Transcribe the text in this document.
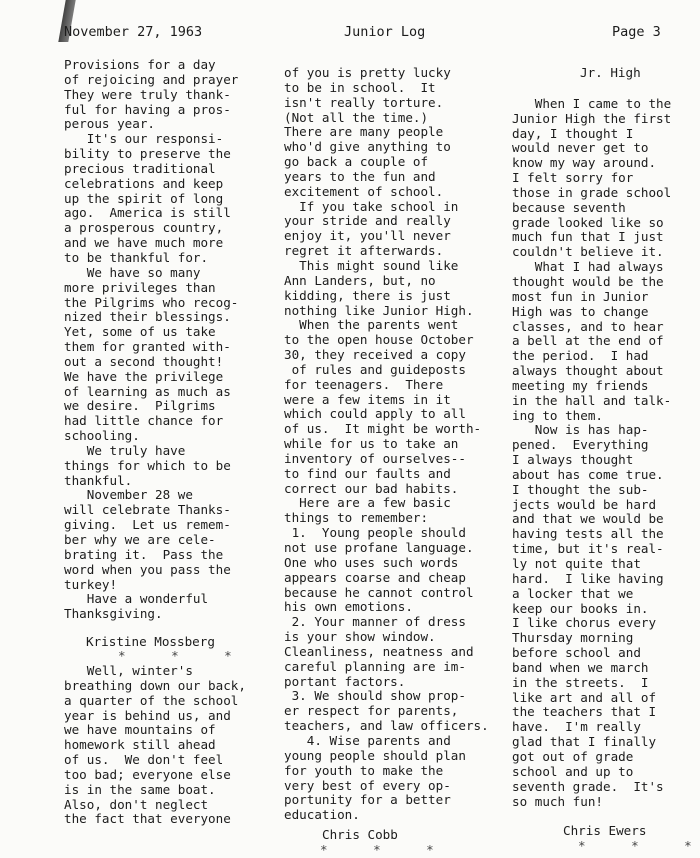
November 27, 1963	Junior Log	Page 3

Provisions for a day

of rejoicing and prayer

They were truly thank-

ful for having a pros-

perous year.

It's our responsi-

bility to preserve the

precious traditional

celebrations and keep

up the spirit of long

ago.  America is still

a prosperous country,

and we have much more

to be thankful for.

We have so many

more privileges than

the Pilgrims who recog-

nized their blessings.

Yet, some of us take

them for granted with-

out a second thought!

We have the privilege

of learning as much as

we desire.  Pilgrims

had little chance for

schooling.

We truly have

things for which to be

thankful.

November 28 we

will celebrate Thanks-

giving.  Let us remem-

ber why we are cele-

brating it.  Pass the

word when you pass the

turkey!

Have a wonderful

Thanksgiving.

Kristine Mossberg
*      *      *

Well, winter's

breathing down our back,

a quarter of the school

year is behind us, and

we have mountains of

homework still ahead

of us.  We don't feel

too bad; everyone else

is in the same boat.

Also, don't neglect

the fact that everyone

of you is pretty lucky

to be in school.  It

isn't really torture.

(Not all the time.)

There are many people

who'd give anything to

go back a couple of

years to the fun and

excitement of school.

If you take school in

your stride and really

enjoy it, you'll never

regret it afterwards.

This might sound like

Ann Landers, but, no

kidding, there is just

nothing like Junior High.

When the parents went

to the open house October

30, they received a copy

of rules and guideposts

for teenagers.  There

were a few items in it

which could apply to all

of us.  It might be worth-

while for us to take an

inventory of ourselves--

to find our faults and

correct our bad habits.

Here are a few basic

things to remember:

1.  Young people should

not use profane language.

One who uses such words

appears coarse and cheap

because he cannot control

his own emotions.

2. Your manner of dress

is your show window.

Cleanliness, neatness and

careful planning are im-

portant factors.

3. We should show prop-

er respect for parents,

teachers, and law officers.

4. Wise parents and

young people should plan

for youth to make the

very best of every op-

portunity for a better

education.

Chris Cobb
*      *      *

Jr. High

When I came to the

Junior High the first

day, I thought I

would never get to

know my way around.

I felt sorry for

those in grade school

because seventh

grade looked like so

much fun that I just

couldn't believe it.

What I had always

thought would be the

most fun in Junior

High was to change

classes, and to hear

a bell at the end of

the period.  I had

always thought about

meeting my friends

in the hall and talk-

ing to them.

Now is has hap-

pened.  Everything

I always thought

about has come true.

I thought the sub-

jects would be hard

and that we would be

having tests all the

time, but it's real-

ly not quite that

hard.  I like having

a locker that we

keep our books in.

I like chorus every

Thursday morning

before school and

band when we march

in the streets.  I

like art and all of

the teachers that I

have.  I'm really

glad that I finally

got out of grade

school and up to

seventh grade.  It's

so much fun!

Chris Ewers
*      *      *
